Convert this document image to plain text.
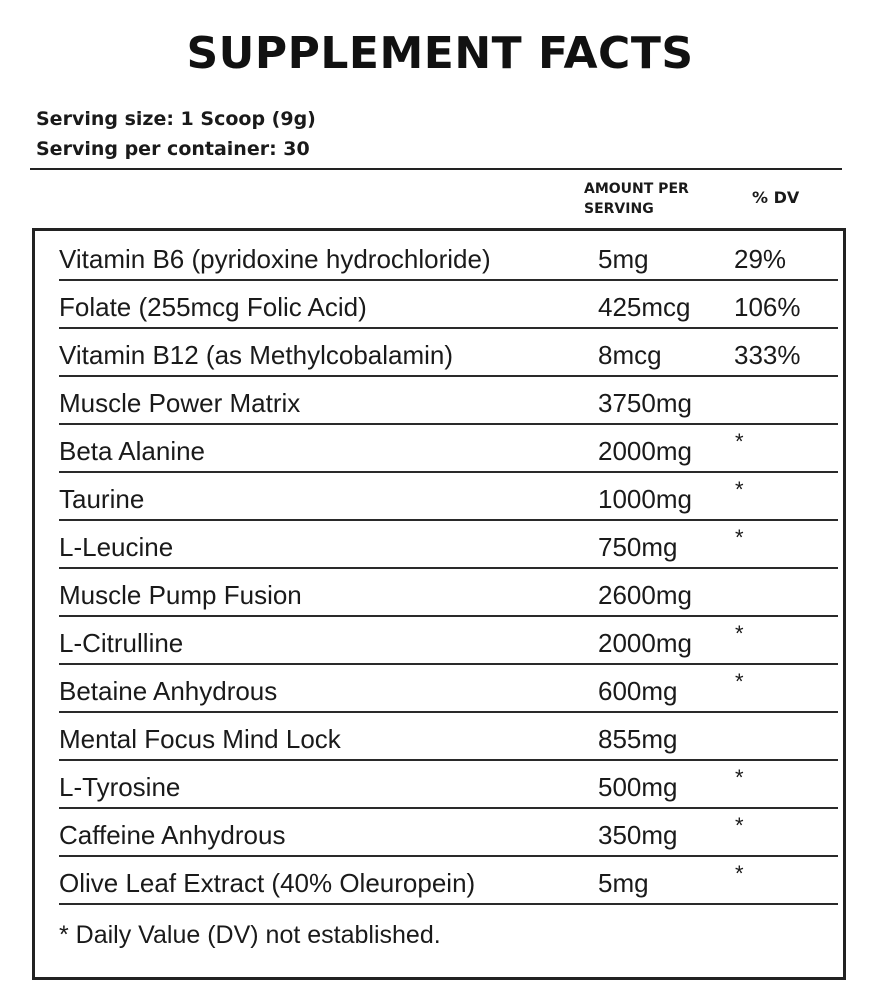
SUPPLEMENT FACTS
Serving size: 1 Scoop (9g)
Serving per container: 30
AMOUNT PER
SERVING
% DV
Vitamin B6 (pyridoxine hydrochloride)	5mg	29%
Folate (255mcg Folic Acid)	425mcg 106%
Vitamin B12 (as Methylcobalamin)	8mcg	333%
Muscle Power Matrix	3750mg
Beta Alanine	2000mg *
Taurine	1000mg *
L-Leucine	750mg	*
Muscle Pump Fusion	2600mg
L-Citrulline	2000mg *
Betaine Anhydrous	600mg	*
Mental Focus Mind Lock	855mg
L-Tyrosine	500mg	*
Caffeine Anhydrous	350mg	*
Olive Leaf Extract (40% Oleuropein)	5mg	*
* Daily Value (DV) not established.
